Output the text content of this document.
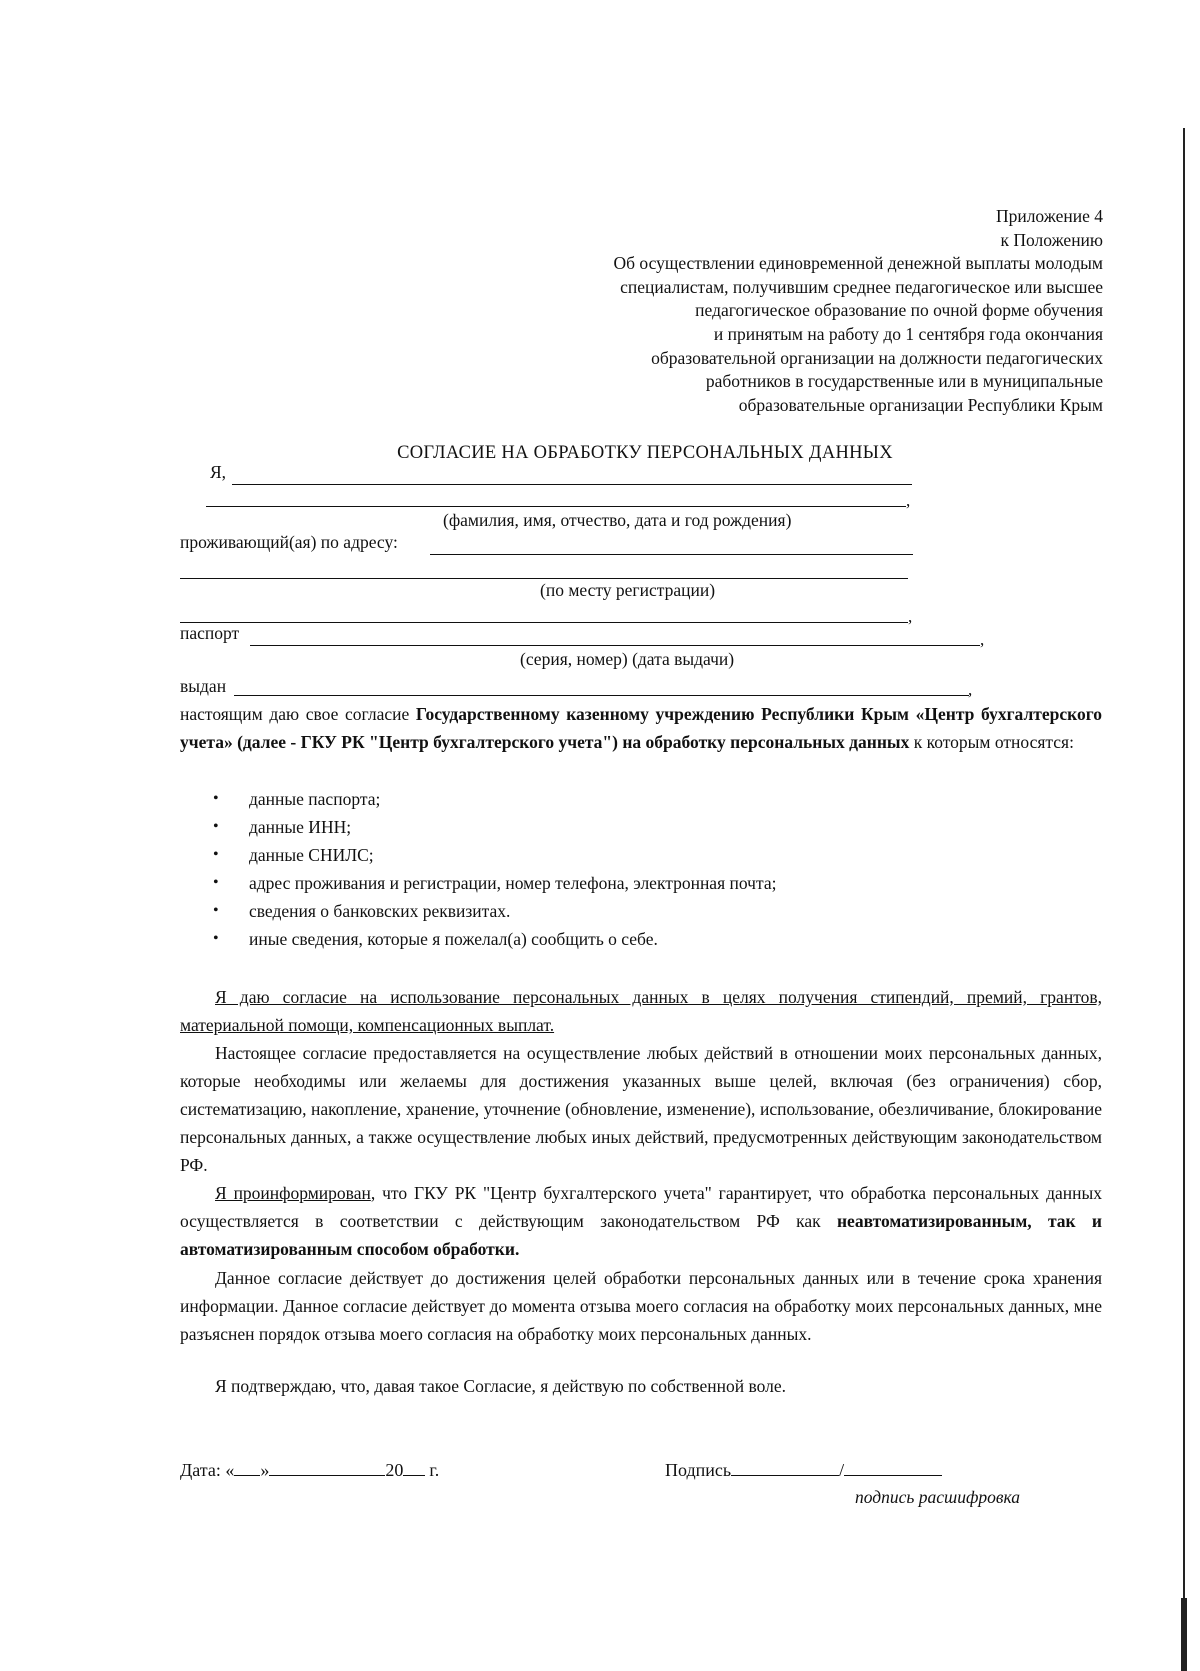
Приложение 4
к Положению
Об осуществлении единовременной денежной выплаты молодым
специалистам, получившим среднее педагогическое или высшее
педагогическое образование по очной форме обучения
и принятым на работу до 1 сентября года окончания
образовательной организации на должности педагогических
работников в государственные или в муниципальные
образовательные организации Республики Крым
СОГЛАСИЕ НА ОБРАБОТКУ ПЕРСОНАЛЬНЫХ ДАННЫХ
Я,
,
(фамилия, имя, отчество, дата и год рождения)
проживающий(ая) по адресу:
(по месту регистрации)
,
паспорт	,
(серия, номер) (дата выдачи)
выдан	,
настоящим даю свое согласие Государственному казенному учреждению Республики Крым «Центр бухгалтерского учета» (далее - ГКУ РК "Центр бухгалтерского учета") на обработку персональных данных к которым относятся:
• данные паспорта;
• данные ИНН;
• данные СНИЛС;
• адрес проживания и регистрации, номер телефона, электронная почта;
• сведения о банковских реквизитах.
• иные сведения, которые я пожелал(а) сообщить о себе.
Я даю согласие на использование персональных данных в целях получения стипендий, премий, грантов, материальной помощи, компенсационных выплат.
Настоящее согласие предоставляется на осуществление любых действий в отношении моих персональных данных, которые необходимы или желаемы для достижения указанных выше целей, включая (без ограничения) сбор, систематизацию, накопление, хранение, уточнение (обновление, изменение), использование, обезличивание, блокирование персональных данных, а также осуществление любых иных действий, предусмотренных действующим законодательством РФ.
Я проинформирован, что ГКУ РК "Центр бухгалтерского учета" гарантирует, что обработка персональных данных осуществляется в соответствии с действующим законодательством РФ как неавтоматизированным, так и автоматизированным способом обработки.
Данное согласие действует до достижения целей обработки персональных данных или в течение срока хранения информации. Данное согласие действует до момента отзыва моего согласия на обработку моих персональных данных, мне разъяснен порядок отзыва моего согласия на обработку моих персональных данных.
Я подтверждаю, что, давая такое Согласие, я действую по собственной воле.
Дата: « »	20 г.	Подпись	/
подпись расшифровка
